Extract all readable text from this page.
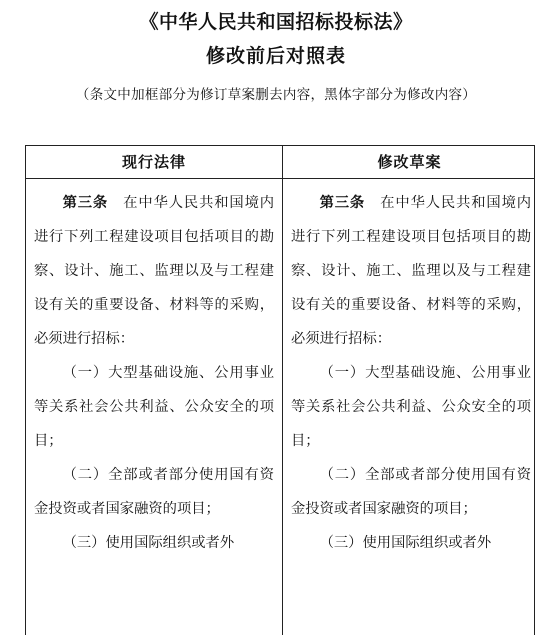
《中华人民共和国招标投标法》
修改前后对照表
（条文中加框部分为修订草案删去内容，黑体字部分为修改内容）
现行法律	修改草案

第三条　 在中华人民共和国境内进行下列工程建设项目包括项目的勘察、设计、施工、监理以及与工程建设有关的重要设备、材料等的采购，必须进行招标：

（一）大型基础设施、公用事业等关系社会公共利益、公众安全的项目；

（二）全部或者部分使用国有资金投资或者国家融资的项目；

（三）使用国际组织或者外

第三条　 在中华人民共和国境内进行下列工程建设项目包括项目的勘察、设计、施工、监理以及与工程建设有关的重要设备、材料等的采购，必须进行招标：

（一）大型基础设施、公用事业等关系社会公共利益、公众安全的项目；

（二）全部或者部分使用国有资金投资或者国家融资的项目；

（三）使用国际组织或者外
